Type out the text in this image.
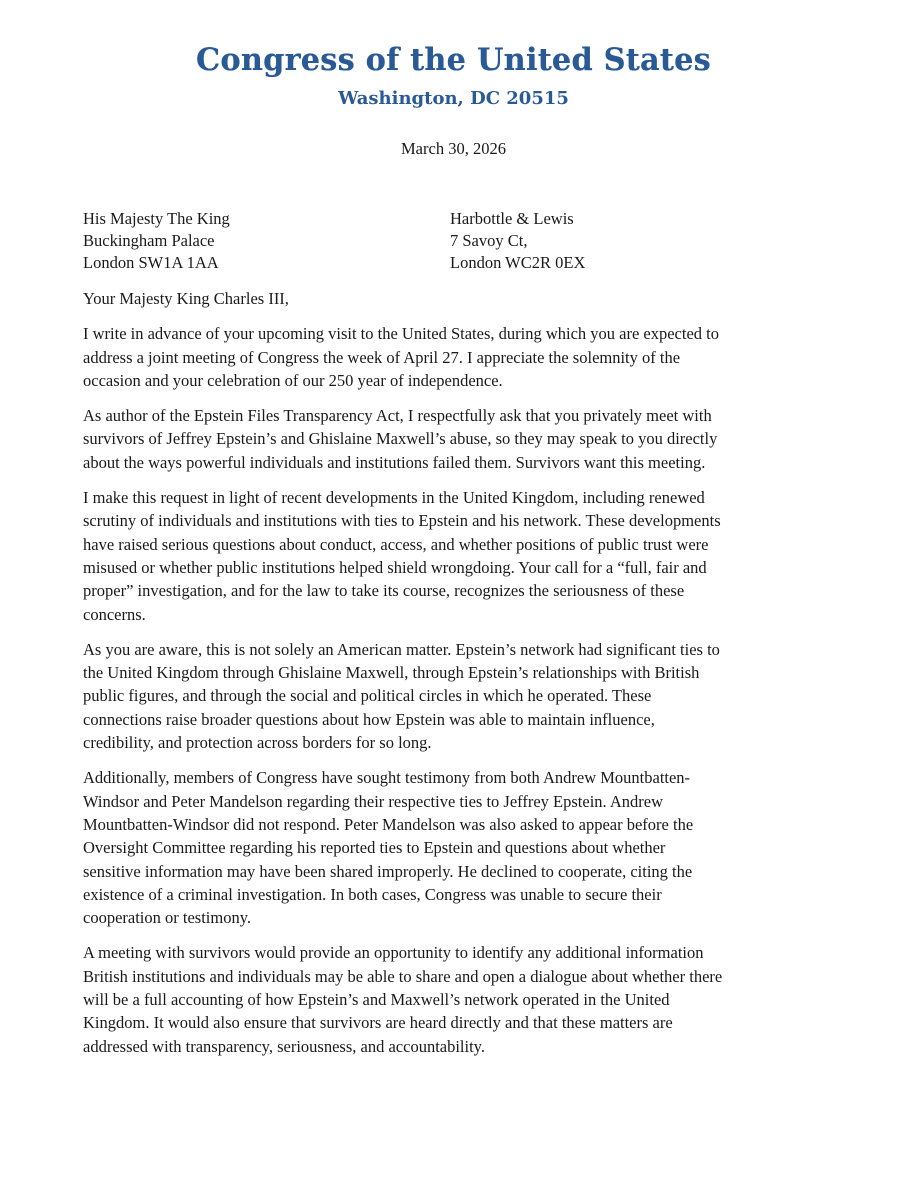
Congress of the United States
Washington, DC 20515
March 30, 2026
His Majesty The King
Buckingham Palace
London SW1A 1AA
Harbottle & Lewis
7 Savoy Ct,
London WC2R 0EX
Your Majesty King Charles III,
I write in advance of your upcoming visit to the United States, during which you are expected to
address a joint meeting of Congress the week of April 27. I appreciate the solemnity of the
occasion and your celebration of our 250 year of independence.
As author of the Epstein Files Transparency Act, I respectfully ask that you privately meet with
survivors of Jeffrey Epstein’s and Ghislaine Maxwell’s abuse, so they may speak to you directly
about the ways powerful individuals and institutions failed them. Survivors want this meeting.
I make this request in light of recent developments in the United Kingdom, including renewed
scrutiny of individuals and institutions with ties to Epstein and his network. These developments
have raised serious questions about conduct, access, and whether positions of public trust were
misused or whether public institutions helped shield wrongdoing. Your call for a “full, fair and
proper” investigation, and for the law to take its course, recognizes the seriousness of these
concerns.
As you are aware, this is not solely an American matter. Epstein’s network had significant ties to
the United Kingdom through Ghislaine Maxwell, through Epstein’s relationships with British
public figures, and through the social and political circles in which he operated. These
connections raise broader questions about how Epstein was able to maintain influence,
credibility, and protection across borders for so long.
Additionally, members of Congress have sought testimony from both Andrew Mountbatten-
Windsor and Peter Mandelson regarding their respective ties to Jeffrey Epstein. Andrew
Mountbatten-Windsor did not respond. Peter Mandelson was also asked to appear before the
Oversight Committee regarding his reported ties to Epstein and questions about whether
sensitive information may have been shared improperly. He declined to cooperate, citing the
existence of a criminal investigation. In both cases, Congress was unable to secure their
cooperation or testimony.
A meeting with survivors would provide an opportunity to identify any additional information
British institutions and individuals may be able to share and open a dialogue about whether there
will be a full accounting of how Epstein’s and Maxwell’s network operated in the United
Kingdom. It would also ensure that survivors are heard directly and that these matters are
addressed with transparency, seriousness, and accountability.
